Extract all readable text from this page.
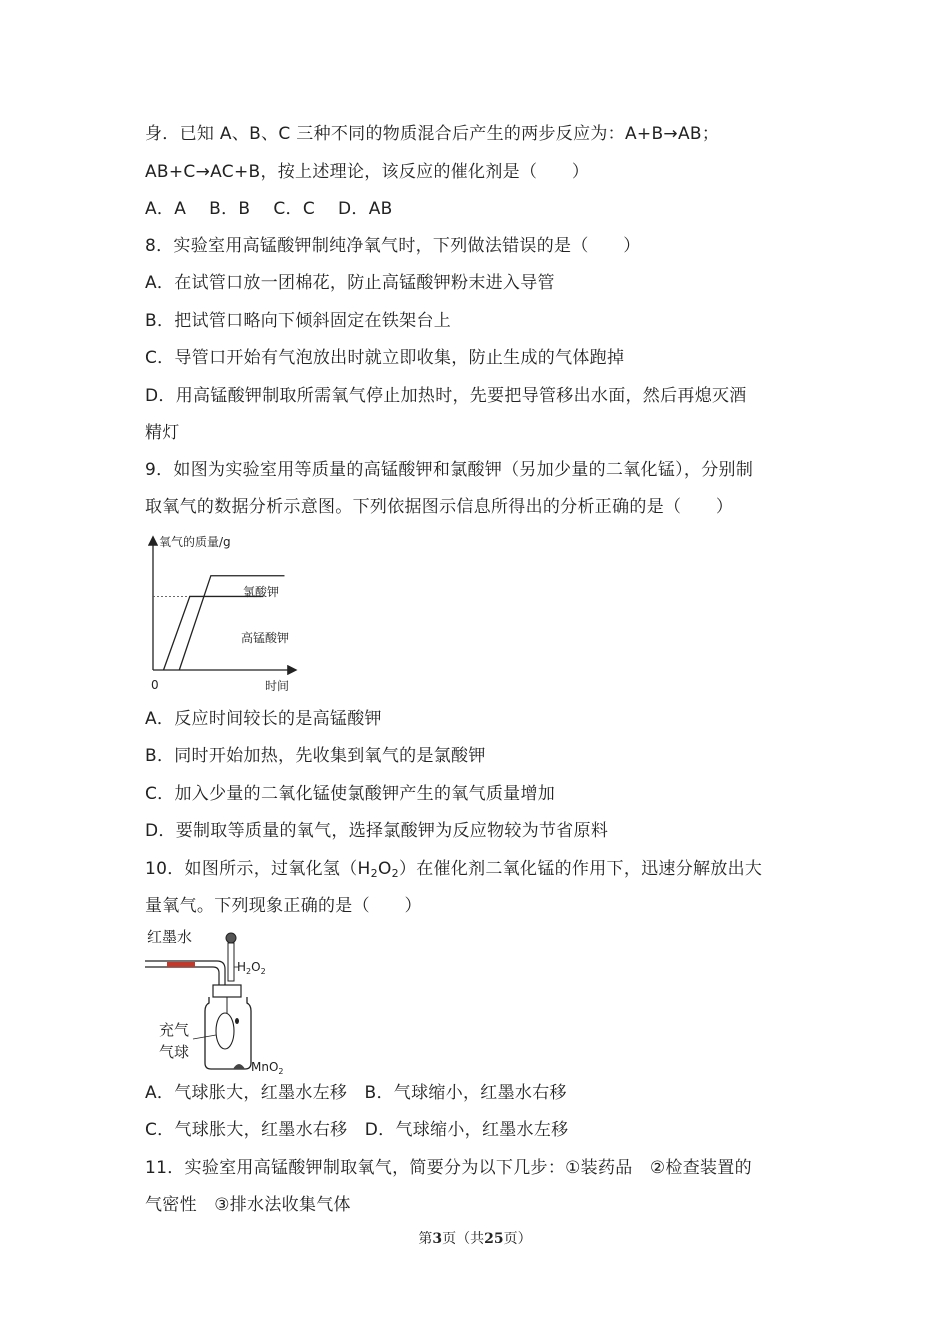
身．已知 A、B、C 三种不同的物质混合后产生的两步反应为：A+B→AB；
AB+C→AC+B，按上述理论，该反应的催化剂是（　　）
A．A　 B．B　 C．C　 D．AB
8．实验室用高锰酸钾制纯净氧气时，下列做法错误的是（　　）
A．在试管口放一团棉花，防止高锰酸钾粉末进入导管
B．把试管口略向下倾斜固定在铁架台上
C．导管口开始有气泡放出时就立即收集，防止生成的气体跑掉
D．用高锰酸钾制取所需氧气停止加热时，先要把导管移出水面，然后再熄灭酒
精灯
9．如图为实验室用等质量的高锰酸钾和氯酸钾（另加少量的二氧化锰），分别制
取氧气的数据分析示意图。下列依据图示信息所得出的分析正确的是（　　）
氧气的质量/g
时间
0
氯酸钾
高锰酸钾
A．反应时间较长的是高锰酸钾
B．同时开始加热，先收集到氧气的是氯酸钾
C．加入少量的二氧化锰使氯酸钾产生的氧气质量增加
D．要制取等质量的氧气，选择氯酸钾为反应物较为节省原料
10．如图所示，过氧化氢$(H_2O_2)$在催化剂二氧化锰的作用下，迅速分解放出大
量氧气。下列现象正确的是（　　）
红墨水
$H_2O_2$
充气
气球
MnO$_2$
A．气球胀大，红墨水左移　B．气球缩小，红墨水右移
C．气球胀大，红墨水右移　D．气球缩小，红墨水左移
11．实验室用高锰酸钾制取氧气，简要分为以下几步：①装药品　②检查装置的
气密性　③排水法收集气体
第3页（共25页）
